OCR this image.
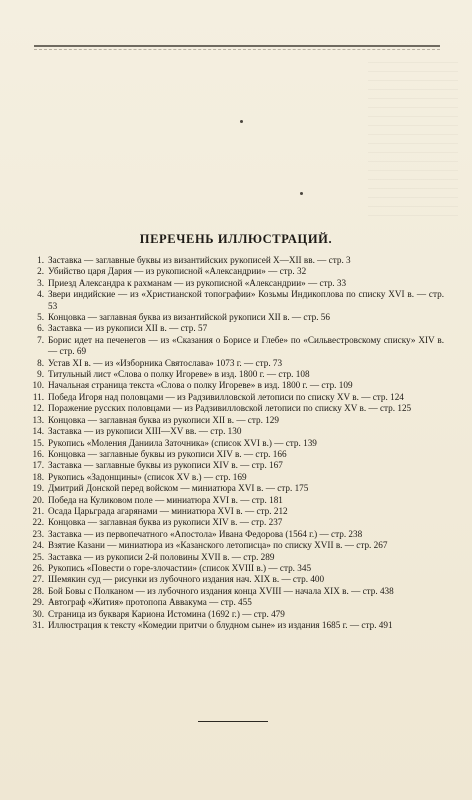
ПЕРЕЧЕНЬ ИЛЛЮСТРАЦИЙ.
1. Заставка — заглавные буквы из византийских рукописей X—XII вв. — стр. 3
2. Убийство царя Дария — из рукописной «Александрии» — стр. 32
3. Приезд Александра к рахманам — из рукописной «Александрии» — стр. 33
4. Звери индийские — из «Христианской топографии» Козьмы Индикоплова по списку XVI в. — стр. 53
5. Концовка — заглавная буква из византийской рукописи XII в. — стр. 56
6. Заставка — из рукописи XII в. — стр. 57
7. Борис идет на печенегов — из «Сказания о Борисе и Глебе» по «Сильвестровскому списку» XIV в. — стр. 69
8. Устав XI в. — из «Изборника Святослава» 1073 г. — стр. 73
9. Титульный лист «Слова о полку Игореве» в изд. 1800 г. — стр. 108
10. Начальная страница текста «Слова о полку Игореве» в изд. 1800 г. — стр. 109
11. Победа Игоря над половцами — из Радзивилловской летописи по списку XV в. — стр. 124
12. Поражение русских половцами — из Радзивилловской летописи по списку XV в. — стр. 125
13. Концовка — заглавная буква из рукописи XII в. — стр. 129
14. Заставка — из рукописи XIII—XV вв. — стр. 130
15. Рукопись «Моления Даниила Заточника» (список XVI в.) — стр. 139
16. Концовка — заглавные буквы из рукописи XIV в. — стр. 166
17. Заставка — заглавные буквы из рукописи XIV в. — стр. 167
18. Рукопись «Задонщины» (список XV в.) — стр. 169
19. Дмитрий Донской перед войском — миниатюра XVI в. — стр. 175
20. Победа на Куликовом поле — миниатюра XVI в. — стр. 181
21. Осада Царьграда агарянами — миниатюра XVI в. — стр. 212
22. Концовка — заглавная буква из рукописи XIV в. — стр. 237
23. Заставка — из первопечатного «Апостола» Ивана Федорова (1564 г.) — стр. 238
24. Взятие Казани — миниатюра из «Казанского летописца» по списку XVII в. — стр. 267
25. Заставка — из рукописи 2-й половины XVII в. — стр. 289
26. Рукопись «Повести о горе-злочастии» (список XVIII в.) — стр. 345
27. Шемякин суд — рисунки из лубочного издания нач. XIX в. — стр. 400
28. Бой Бовы с Полканом — из лубочного издания конца XVIII — начала XIX в. — стр. 438
29. Автограф «Жития» протопопа Аввакума — стр. 455
30. Страница из букваря Кариона Истомина (1692 г.) — стр. 479
31. Иллюстрация к тексту «Комедии притчи о блудном сыне» из издания 1685 г. — стр. 491
